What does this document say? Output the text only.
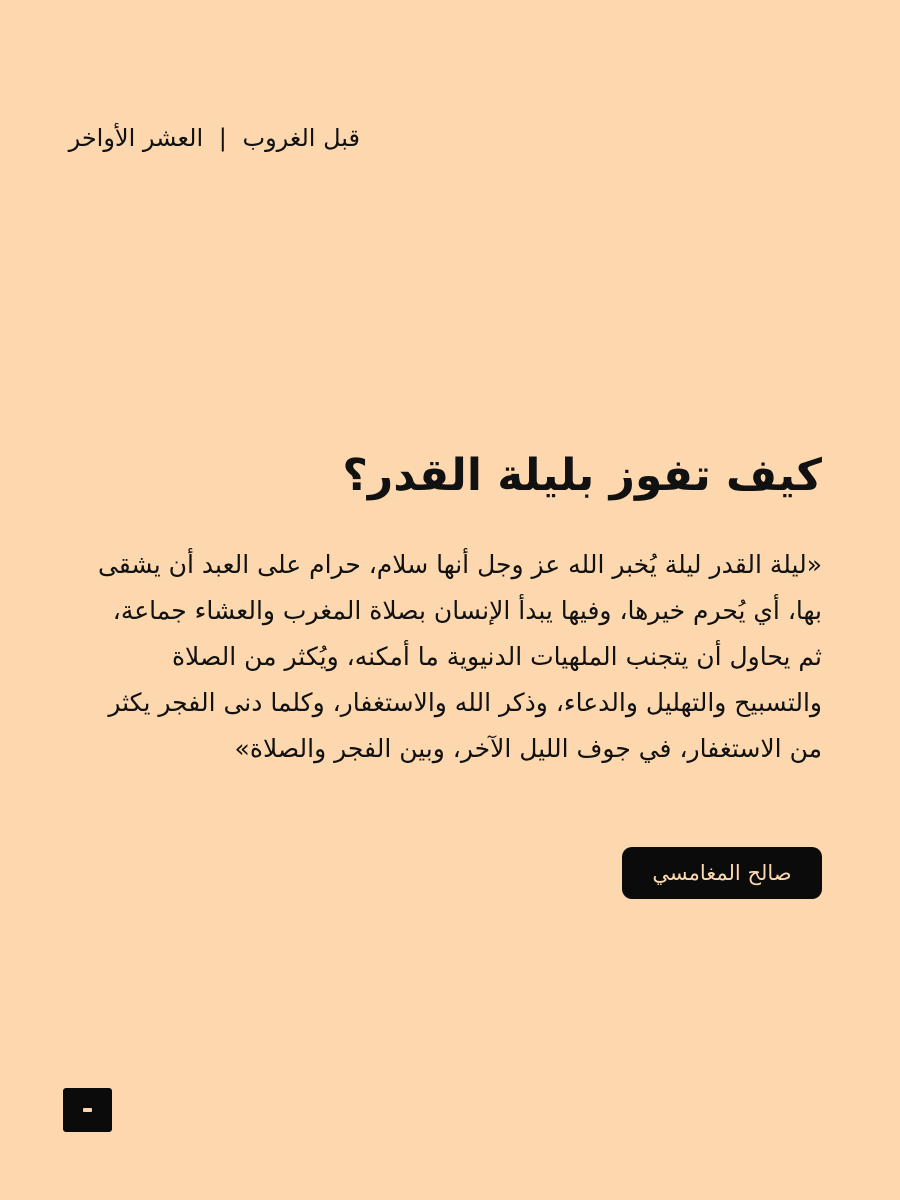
قبل الغروب | العشر الأواخر
كيف تفوز بليلة القدر؟

«ليلة القدر ليلة يُخبر الله عز وجل أنها سلام، حرام على العبد أن يشقى بها، أي يُحرم خيرها، وفيها يبدأ الإنسان بصلاة المغرب والعشاء جماعة، ثم يحاول أن يتجنب الملهيات الدنيوية ما أمكنه، ويُكثر من الصلاة والتسبيح والتهليل والدعاء، وذكر الله والاستغفار، وكلما دنى الفجر يكثر من الاستغفار، في جوف الليل الآخر، وبين الفجر والصلاة»

صالح المغامسي
